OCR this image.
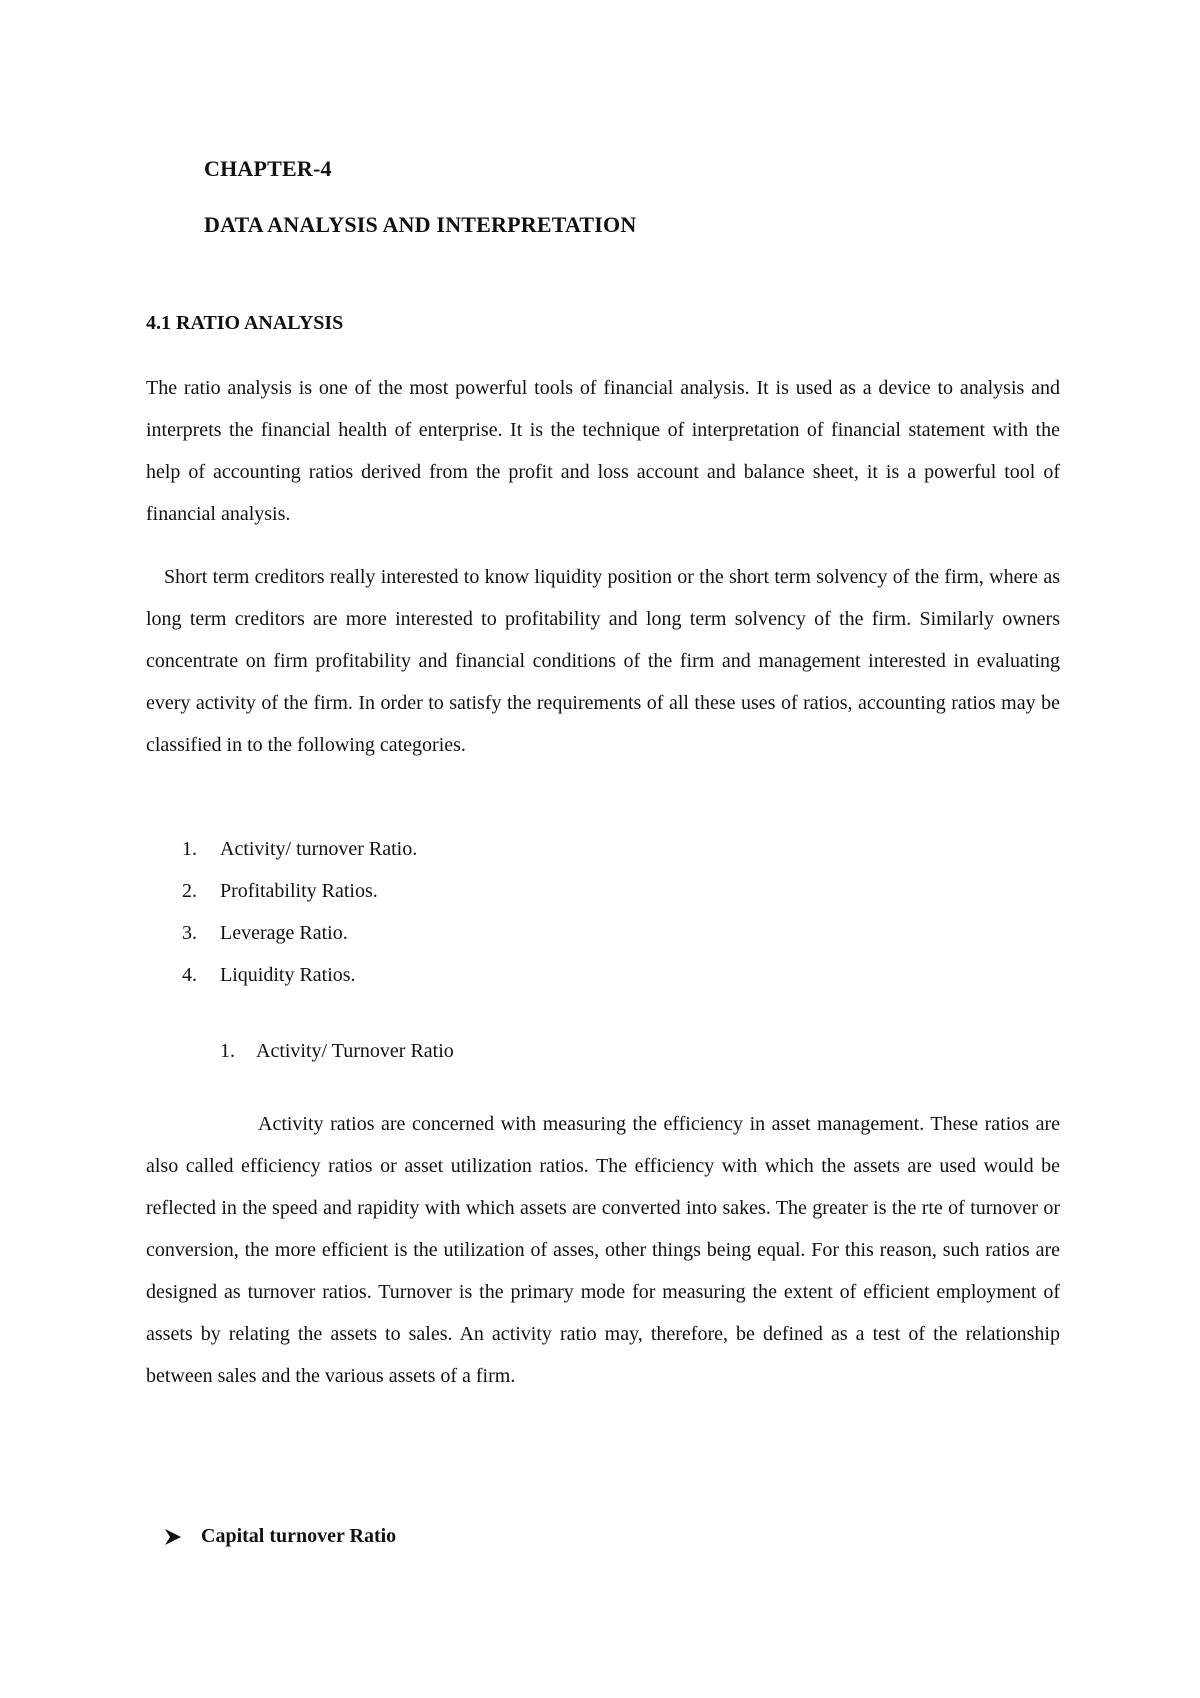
CHAPTER-4
DATA ANALYSIS AND INTERPRETATION
4.1 RATIO ANALYSIS

The ratio analysis is one of the most powerful tools of financial analysis. It is used as a device to analysis and interprets the financial health of enterprise. It is the technique of interpretation of financial statement with the help of accounting ratios derived from the profit and loss account and balance sheet, it is a powerful tool of financial analysis.

Short term creditors really interested to know liquidity position or the short term solvency of the firm, where as long term creditors are more interested to profitability and long term solvency of the firm. Similarly owners concentrate on firm profitability and financial conditions of the firm and management interested in evaluating every activity of the firm. In order to satisfy the requirements of all these uses of ratios, accounting ratios may be classified in to the following categories.

1.	Activity/ turnover Ratio.
2.	Profitability Ratios.
3.	Leverage Ratio.
4.	Liquidity Ratios.
1.	Activity/ Turnover Ratio

Activity ratios are concerned with measuring the efficiency in asset management. These ratios are also called efficiency ratios or asset utilization ratios. The efficiency with which the assets are used would be reflected in the speed and rapidity with which assets are converted into sakes. The greater is the rte of turnover or conversion, the more efficient is the utilization of asses, other things being equal. For this reason, such ratios are designed as turnover ratios. Turnover is the primary mode for measuring the extent of efficient employment of assets by relating the assets to sales. An activity ratio may, therefore, be defined as a test of the relationship between sales and the various assets of a firm.

Capital turnover Ratio
